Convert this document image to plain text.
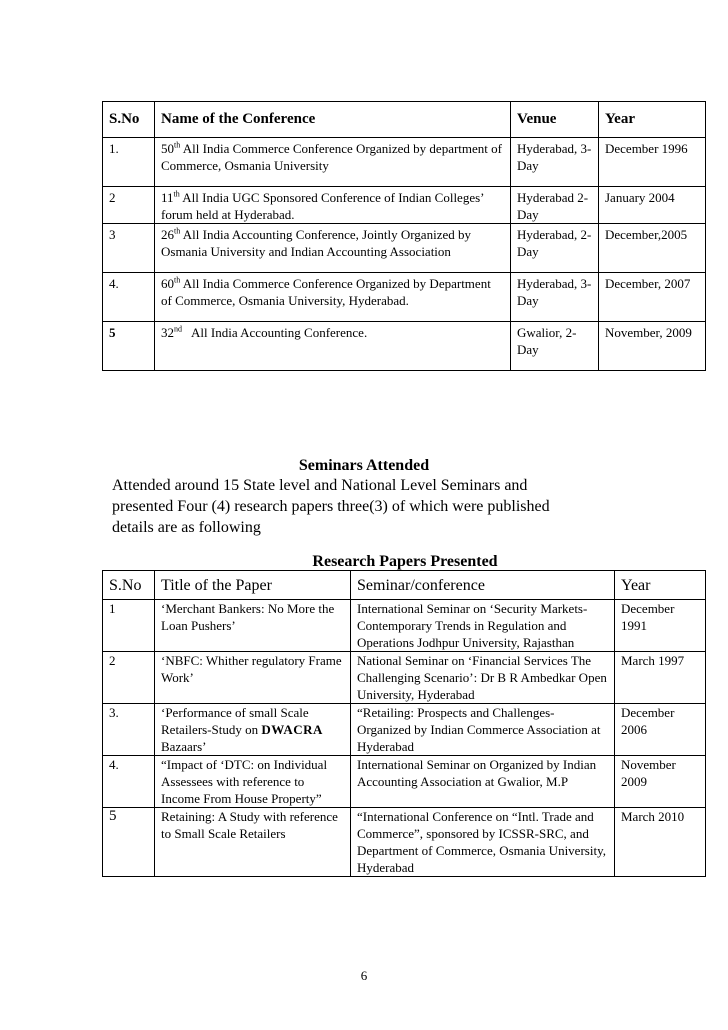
S.No	Name of the Conference	Venue	Year
1.	50th All India Commerce Conference Organized by department of Commerce, Osmania University	Hyderabad, 3-Day	December 1996
2	11th All India UGC Sponsored Conference of Indian Colleges’ forum held at Hyderabad.	Hyderabad 2-Day	January 2004
3	26th All India Accounting Conference, Jointly Organized by Osmania University and Indian Accounting Association	Hyderabad, 2-Day	December,2005
4.	60th All India Commerce Conference Organized by Department of Commerce, Osmania University, Hyderabad.	Hyderabad, 3-Day	December, 2007
5	32nd   All India Accounting Conference.	Gwalior, 2-Day	November, 2009
Seminars Attended
Attended around 15 State level and National Level Seminars and presented Four (4) research papers three(3) of which were published details are as following
Research Papers Presented
S.No	Title of the Paper	Seminar/conference	Year
1	‘Merchant Bankers: No More the Loan Pushers’	International Seminar on ‘Security Markets-Contemporary Trends in Regulation and Operations Jodhpur University, Rajasthan	December 1991
2	‘NBFC: Whither regulatory Frame Work’	National Seminar on ‘Financial Services The Challenging Scenario’: Dr B R Ambedkar Open University, Hyderabad	March 1997
3.	‘Performance of small Scale Retailers-Study on DWACRA Bazaars’	“Retailing: Prospects and Challenges- Organized by Indian Commerce Association at Hyderabad	December 2006
4.	“Impact of ‘DTC: on Individual Assessees with reference to Income From House Property”	International Seminar on Organized by Indian Accounting Association at Gwalior, M.P	November 2009
5	Retaining: A Study with reference to Small Scale Retailers	“International Conference on “Intl. Trade and Commerce”, sponsored by ICSSR-SRC, and Department of Commerce, Osmania University, Hyderabad	March 2010
6
